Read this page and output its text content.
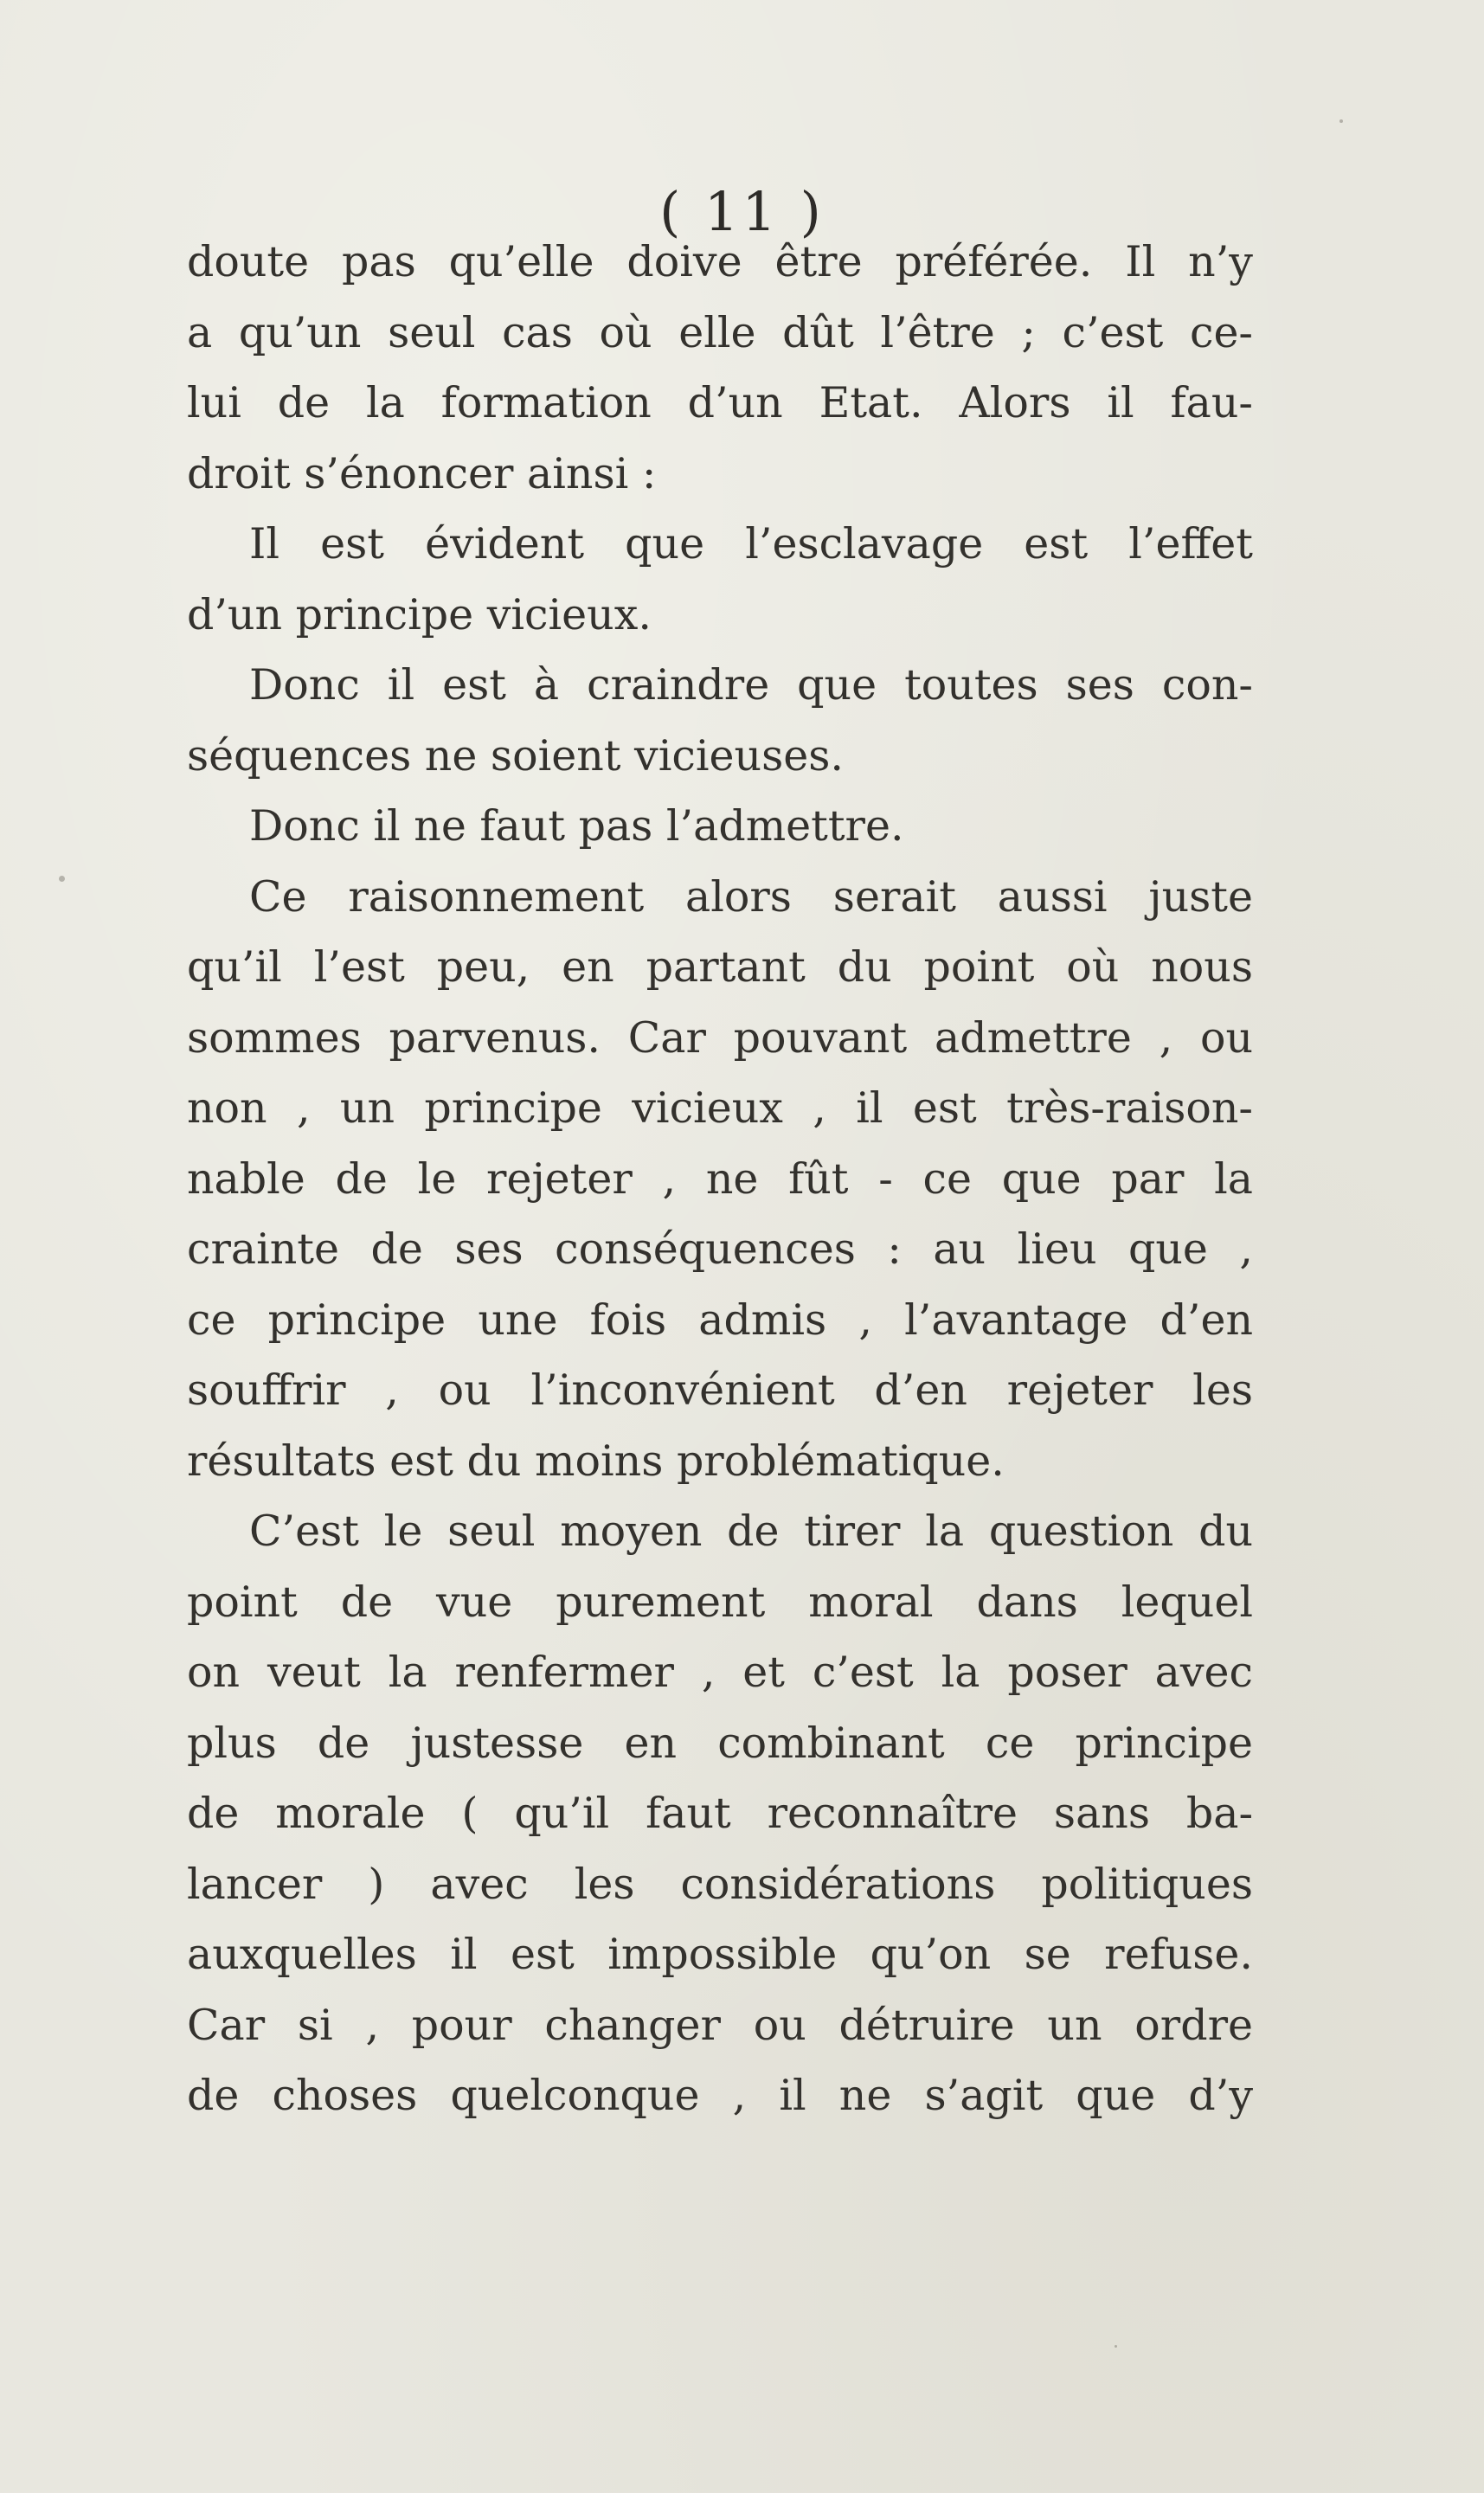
( 11 )
doute pas qu’elle doive être préférée. Il n’y
a qu’un seul cas où elle dût l’être ; c’est ce-
lui de la formation d’un Etat. Alors il fau-
droit s’énoncer ainsi :
Il est évident que l’esclavage est l’effet
d’un principe vicieux.
Donc il est à craindre que toutes ses con-
séquences ne soient vicieuses.
Donc il ne faut pas l’admettre.
Ce raisonnement alors serait aussi juste
qu’il l’est peu, en partant du point où nous
sommes parvenus. Car pouvant admettre , ou
non , un principe vicieux , il est très-raison-
nable de le rejeter , ne fût - ce que par la
crainte de ses conséquences : au lieu que ,
ce principe une fois admis , l’avantage d’en
souffrir , ou l’inconvénient d’en rejeter les
résultats est du moins problématique.
C’est le seul moyen de tirer la question du
point de vue purement moral dans lequel
on veut la renfermer , et c’est la poser avec
plus de justesse en combinant ce principe
de morale ( qu’il faut reconnaître sans ba-
lancer ) avec les considérations politiques
auxquelles il est impossible qu’on se refuse.
Car si , pour changer ou détruire un ordre
de choses quelconque , il ne s’agit que d’y
